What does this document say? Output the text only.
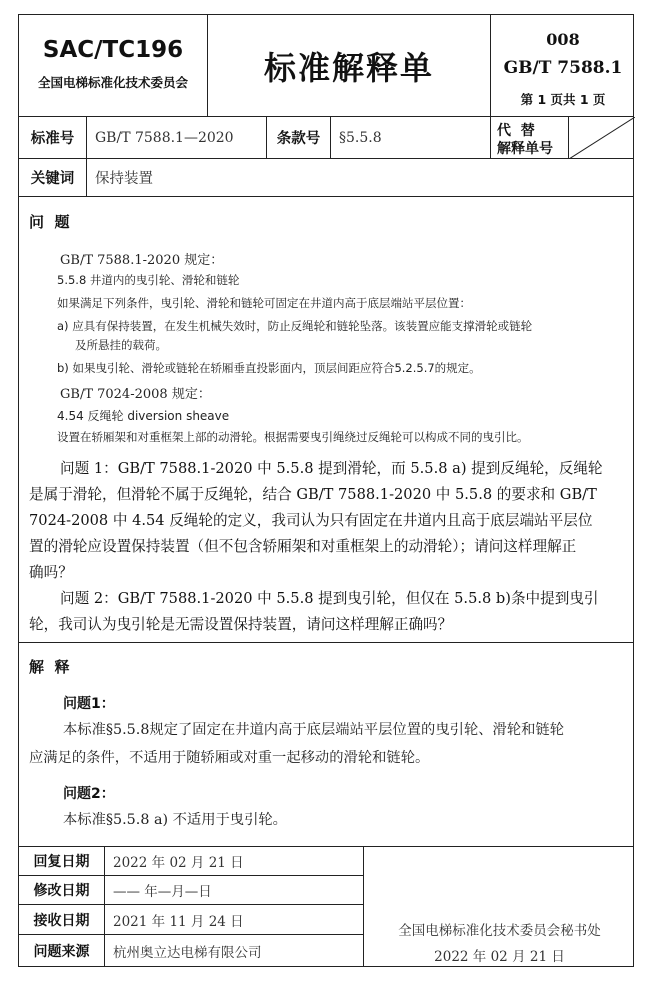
SAC/TC196
全国电梯标准化技术委员会	标准解释单
008
GB/T 7588.1
第 1 页共 1 页
标准号	GB/T 7588.1—2020	条款号	§5.5.8	代  替
解释单号
关键词	保持装置
问  题
GB/T 7588.1-2020 规定：
5.5.8 井道内的曳引轮、滑轮和链轮
如果满足下列条件，曳引轮、滑轮和链轮可固定在井道内高于底层端站平层位置：
a) 应具有保持装置，在发生机械失效时，防止反绳轮和链轮坠落。该装置应能支撑滑轮或链轮
及所悬挂的载荷。
b) 如果曳引轮、滑轮或链轮在轿厢垂直投影面内，顶层间距应符合5.2.5.7的规定。
GB/T 7024-2008 规定：
4.54 反绳轮 diversion sheave
设置在轿厢架和对重框架上部的动滑轮。根据需要曳引绳绕过反绳轮可以构成不同的曳引比。
问题 1：GB/T 7588.1-2020 中 5.5.8 提到滑轮，而 5.5.8 a) 提到反绳轮，反绳轮
是属于滑轮，但滑轮不属于反绳轮，结合 GB/T 7588.1-2020 中 5.5.8 的要求和 GB/T
7024-2008 中 4.54 反绳轮的定义，我司认为只有固定在井道内且高于底层端站平层位
置的滑轮应设置保持装置（但不包含轿厢架和对重框架上的动滑轮）；请问这样理解正
确吗？
问题 2：GB/T 7588.1-2020 中 5.5.8 提到曳引轮，但仅在 5.5.8 b)条中提到曳引
轮，我司认为曳引轮是无需设置保持装置，请问这样理解正确吗？
解  释
问题1：
本标准§5.5.8规定了固定在井道内高于底层端站平层位置的曳引轮、滑轮和链轮
应满足的条件，不适用于随轿厢或对重一起移动的滑轮和链轮。
问题2：
本标准§5.5.8 a) 不适用于曳引轮。
回复日期	2022 年 02 月 21 日
修改日期	—— 年—月—日
接收日期	2021 年 11 月 24 日
问题来源	杭州奥立达电梯有限公司
全国电梯标准化技术委员会秘书处
2022 年 02 月 21 日
